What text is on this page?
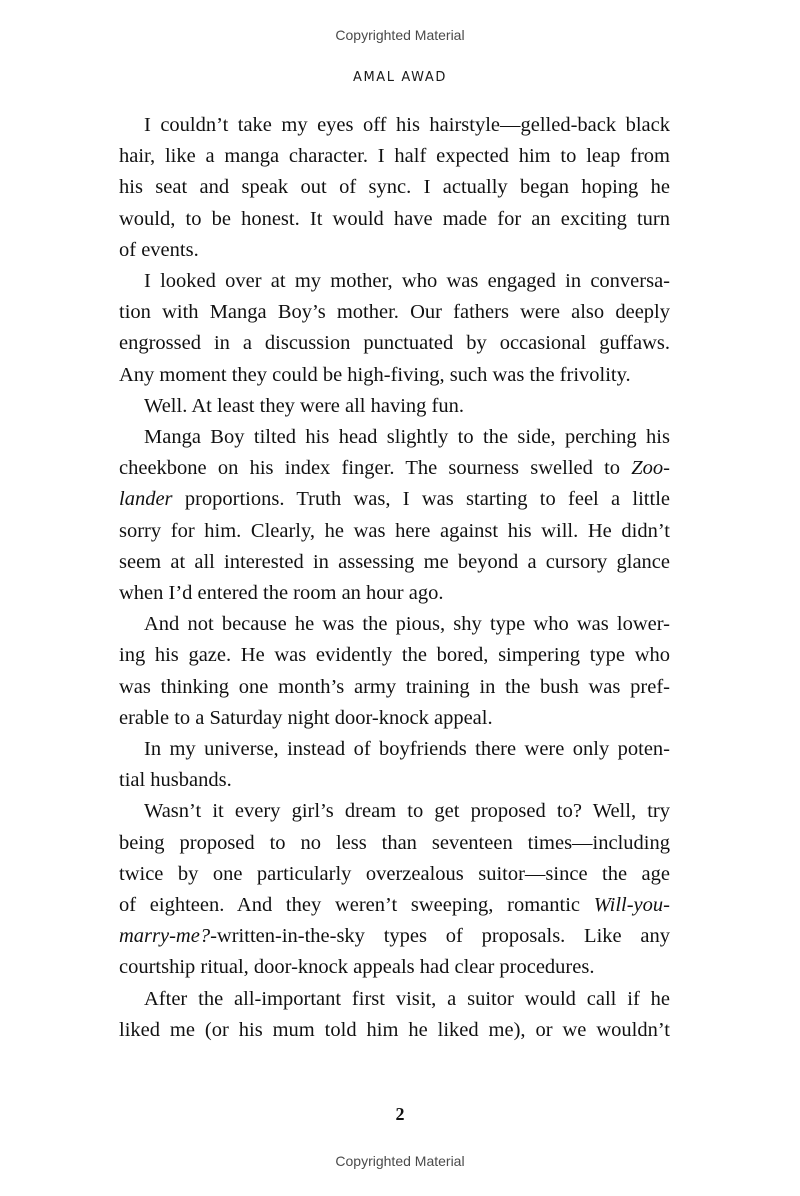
Copyrighted Material
AMAL AWAD

I couldn’t take my eyes off his hairstyle—gelled-back black
hair, like a manga character. I half expected him to leap from
his seat and speak out of sync. I actually began hoping he
would, to be honest. It would have made for an exciting turn
of events.

I looked over at my mother, who was engaged in conversa-
tion with Manga Boy’s mother. Our fathers were also deeply
engrossed in a discussion punctuated by occasional guffaws.
Any moment they could be high-fiving, such was the frivolity.

Well. At least they were all having fun.

Manga Boy tilted his head slightly to the side, perching his
cheekbone on his index finger. The sourness swelled to Zoo-
lander proportions. Truth was, I was starting to feel a little
sorry for him. Clearly, he was here against his will. He didn’t
seem at all interested in assessing me beyond a cursory glance
when I’d entered the room an hour ago.

And not because he was the pious, shy type who was lower-
ing his gaze. He was evidently the bored, simpering type who
was thinking one month’s army training in the bush was pref-
erable to a Saturday night door-knock appeal.

In my universe, instead of boyfriends there were only poten-
tial husbands.

Wasn’t it every girl’s dream to get proposed to? Well, try
being proposed to no less than seventeen times—including
twice by one particularly overzealous suitor—since the age
of eighteen. And they weren’t sweeping, romantic Will-you-
marry-me?-written-in-the-sky types of proposals. Like any
courtship ritual, door-knock appeals had clear procedures.

After the all-important first visit, a suitor would call if he
liked me (or his mum told him he liked me), or we wouldn’t

2
Copyrighted Material
